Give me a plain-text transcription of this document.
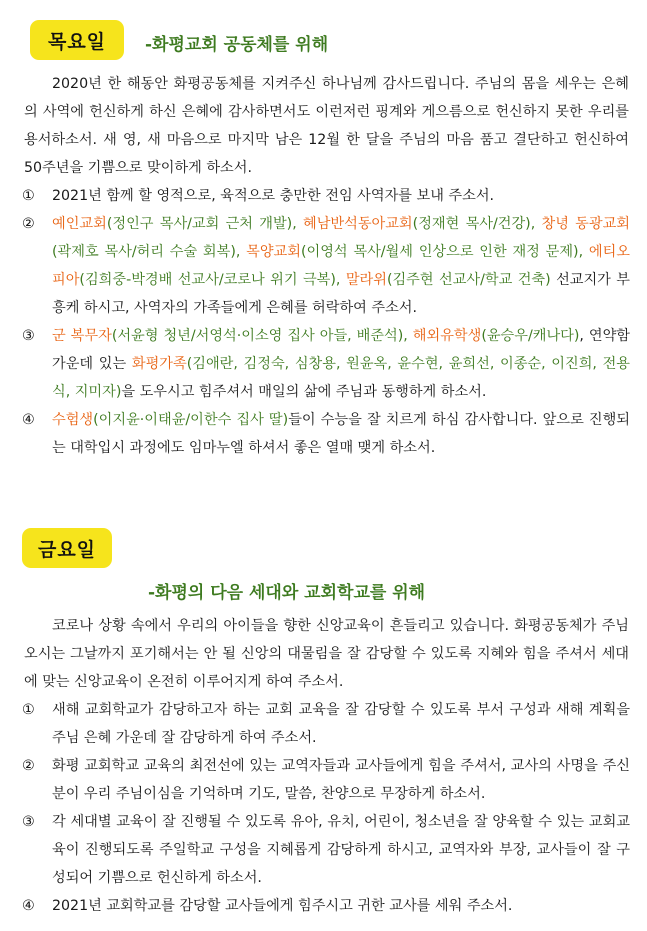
목요일	-화평교회 공동체를 위해
2020년 한 해동안 화평공동체를 지켜주신 하나님께 감사드립니다. 주님의 몸을 세우는 은혜의 사역에 헌신하게 하신 은혜에 감사하면서도 이런저런 핑계와 게으름으로 헌신하지 못한 우리를 용서하소서. 새 영, 새 마음으로 마지막 남은 12월 한 달을 주님의 마음 품고 결단하고 헌신하여 50주년을 기쁨으로 맞이하게 하소서.
①	2021년 함께 할 영적으로, 육적으로 충만한 전임 사역자를 보내 주소서.
②	예인교회(정인구 목사/교회 근처 개발), 혜남반석동아교회(정재현 목사/건강), 창녕 동광교회(곽제호 목사/허리 수술 회복), 목양교회(이영석 목사/월세 인상으로 인한 재정 문제), 에티오피아(김희중-박경배 선교사/코로나 위기 극복), 말라위(김주현 선교사/학교 건축) 선교지가 부흥케 하시고, 사역자의 가족들에게 은혜를 허락하여 주소서.
③	군 복무자(서윤형 청년/서영석·이소영 집사 아들, 배준석), 해외유학생(윤승우/캐나다), 연약함 가운데 있는 화평가족(김애란, 김정숙, 심창용, 원윤옥, 윤수현, 윤희선, 이종순, 이진희, 전용식, 지미자)을 도우시고 힘주셔서 매일의 삶에 주님과 동행하게 하소서.
④	수험생(이지윤·이태윤/이한수 집사 딸)들이 수능을 잘 치르게 하심 감사합니다. 앞으로 진행되는 대학입시 과정에도 임마누엘 하셔서 좋은 열매 맺게 하소서.
금요일
-화평의 다음 세대와 교회학교를 위해
코로나 상황 속에서 우리의 아이들을 향한 신앙교육이 흔들리고 있습니다. 화평공동체가 주님오시는 그날까지 포기해서는 안 될 신앙의 대물림을 잘 감당할 수 있도록 지혜와 힘을 주셔서 세대에 맞는 신앙교육이 온전히 이루어지게 하여 주소서.
①	새해 교회학교가 감당하고자 하는 교회 교육을 잘 감당할 수 있도록 부서 구성과 새해 계획을 주님 은혜 가운데 잘 감당하게 하여 주소서.
②	화평 교회학교 교육의 최전선에 있는 교역자들과 교사들에게 힘을 주셔서, 교사의 사명을 주신 분이 우리 주님이심을 기억하며 기도, 말씀, 찬양으로 무장하게 하소서.
③	각 세대별 교육이 잘 진행될 수 있도록 유아, 유치, 어린이, 청소년을 잘 양육할 수 있는 교회교육이 진행되도록 주일학교 구성을 지혜롭게 감당하게 하시고, 교역자와 부장, 교사들이 잘 구성되어 기쁨으로 헌신하게 하소서.
④	2021년 교회학교를 감당할 교사들에게 힘주시고 귀한 교사를 세워 주소서.
